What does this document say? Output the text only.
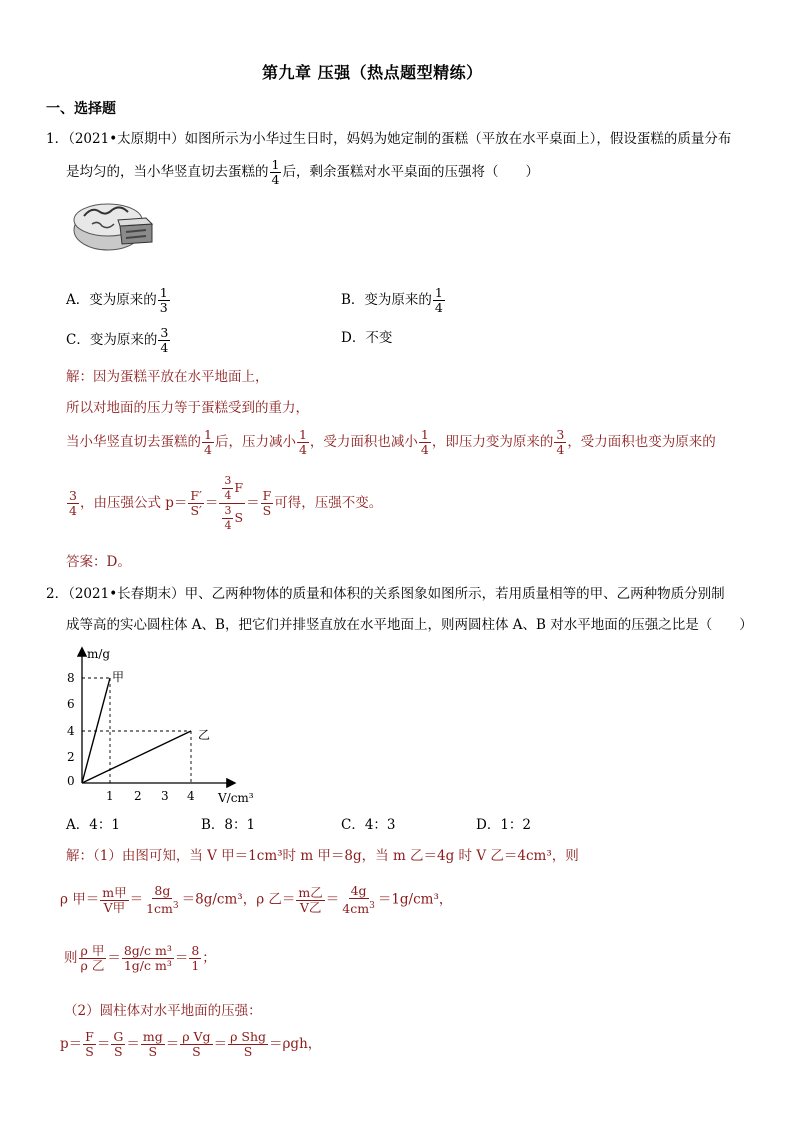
第九章 压强（热点题型精练）
一、选择题
1．（2021•太原期中）如图所示为小华过生日时，妈妈为她定制的蛋糕（平放在水平桌面上），假设蛋糕的质量分布
是均匀的，当小华竖直切去蛋糕的 $\frac{1}{4}$ 后，剩余蛋糕对水平桌面的压强将（　　）
A．变为原来的 $\frac{1}{3}$	B．变为原来的 $\frac{1}{4}$
C．变为原来的 $\frac{3}{4}$	D．不变
解：因为蛋糕平放在水平地面上，
所以对地面的压力等于蛋糕受到的重力，
当小华竖直切去蛋糕的 $\frac{1}{4}$ 后，压力减小 $\frac{1}{4}$ ，受力面积也减小 $\frac{1}{4}$ ，即压力变为原来的 $\frac{3}{4}$ ，受力面积也变为原来的
$\frac{3}{4}$ ，由压强公式 $p= \frac{F'}{S'} = \frac{\frac{3}{4} F}{\frac{3}{4} S} = \frac{F}{S}$ 可得，压强不变。
答案：D。
2．（2021•长春期末）甲、乙两种物体的质量和体积的关系图象如图所示，若用质量相等的甲、乙两种物质分别制
成等高的实心圆柱体 A、B，把它们并排竖直放在水平地面上，则两圆柱体 A、B 对水平地面的压强之比是（　　）
m/g
V/cm³
8
6
4
2
0
1 2 3 4
甲
乙
A．4：1	B．8：1	C．4：3	D．1：2
解：（1）由图可知，当 V 甲＝1cm³时 m 甲＝8g，当 m 乙＝4g 时 V 乙＝4cm³，则
ρ 甲＝ $\frac{\text{m甲}}{\text{V甲}} = \frac{8g}{1cm^3} =8g/cm^3$，ρ 乙＝ $\frac{\text{m乙}}{\text{V乙}} = \frac{4g}{4cm^3} =1g/cm^3$，
则 $\frac{\text{ρ 甲}}{\text{ρ 乙}} = \frac{\text{8g/c m³}}{\text{1g/c m³}} = \frac{8}{1}$ ；
（2）圆柱体对水平地面的压强：
$p= \frac{F}{S} = \frac{G}{S} = \frac{mg}{S} = \frac{\text{ρ Vg}}{S} = \frac{\text{ρ Shg}}{S} =\rho gh$，
